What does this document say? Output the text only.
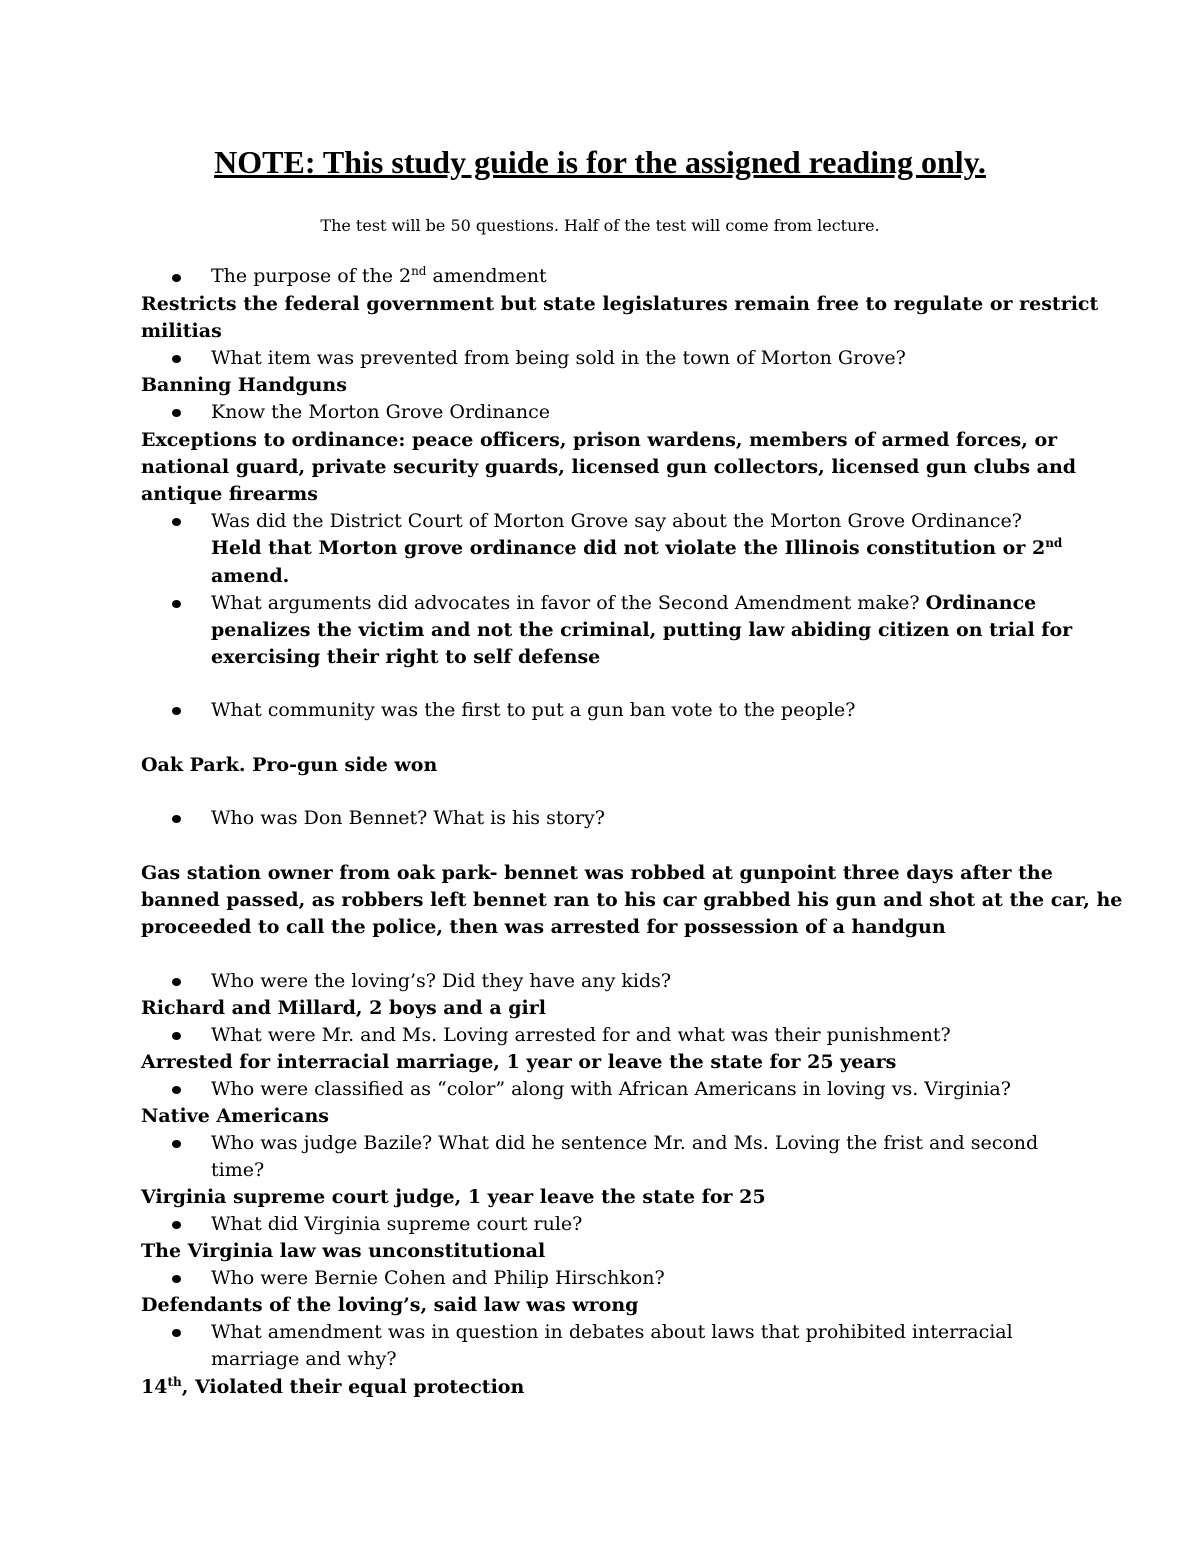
NOTE: This study guide is for the assigned reading only.

The test will be 50 questions. Half of the test will come from lecture.

The purpose of the 2nd amendment

Restricts the federal government but state legislatures remain free to regulate or restrict

militias

What item was prevented from being sold in the town of Morton Grove?

Banning Handguns

Know the Morton Grove Ordinance

Exceptions to ordinance: peace officers, prison wardens, members of armed forces, or

national guard, private security guards, licensed gun collectors, licensed gun clubs and

antique firearms

Was did the District Court of Morton Grove say about the Morton Grove Ordinance?

Held that Morton grove ordinance did not violate the Illinois constitution or 2nd

amend.

What arguments did advocates in favor of the Second Amendment make? Ordinance

penalizes the victim and not the criminal, putting law abiding citizen on trial for

exercising their right to self defense

What community was the first to put a gun ban vote to the people?

Oak Park. Pro-gun side won

Who was Don Bennet? What is his story?

Gas station owner from oak park- bennet was robbed at gunpoint three days after the

banned passed, as robbers left bennet ran to his car grabbed his gun and shot at the car, he

proceeded to call the police, then was arrested for possession of a handgun

Who were the loving’s? Did they have any kids?

Richard and Millard, 2 boys and a girl

What were Mr. and Ms. Loving arrested for and what was their punishment?

Arrested for interracial marriage, 1 year or leave the state for 25 years

Who were classified as “color” along with African Americans in loving vs. Virginia?

Native Americans

Who was judge Bazile? What did he sentence Mr. and Ms. Loving the frist and second

time?

Virginia supreme court judge, 1 year leave the state for 25

What did Virginia supreme court rule?

The Virginia law was unconstitutional

Who were Bernie Cohen and Philip Hirschkon?

Defendants of the loving’s, said law was wrong

What amendment was in question in debates about laws that prohibited interracial

marriage and why?

14th, Violated their equal protection
